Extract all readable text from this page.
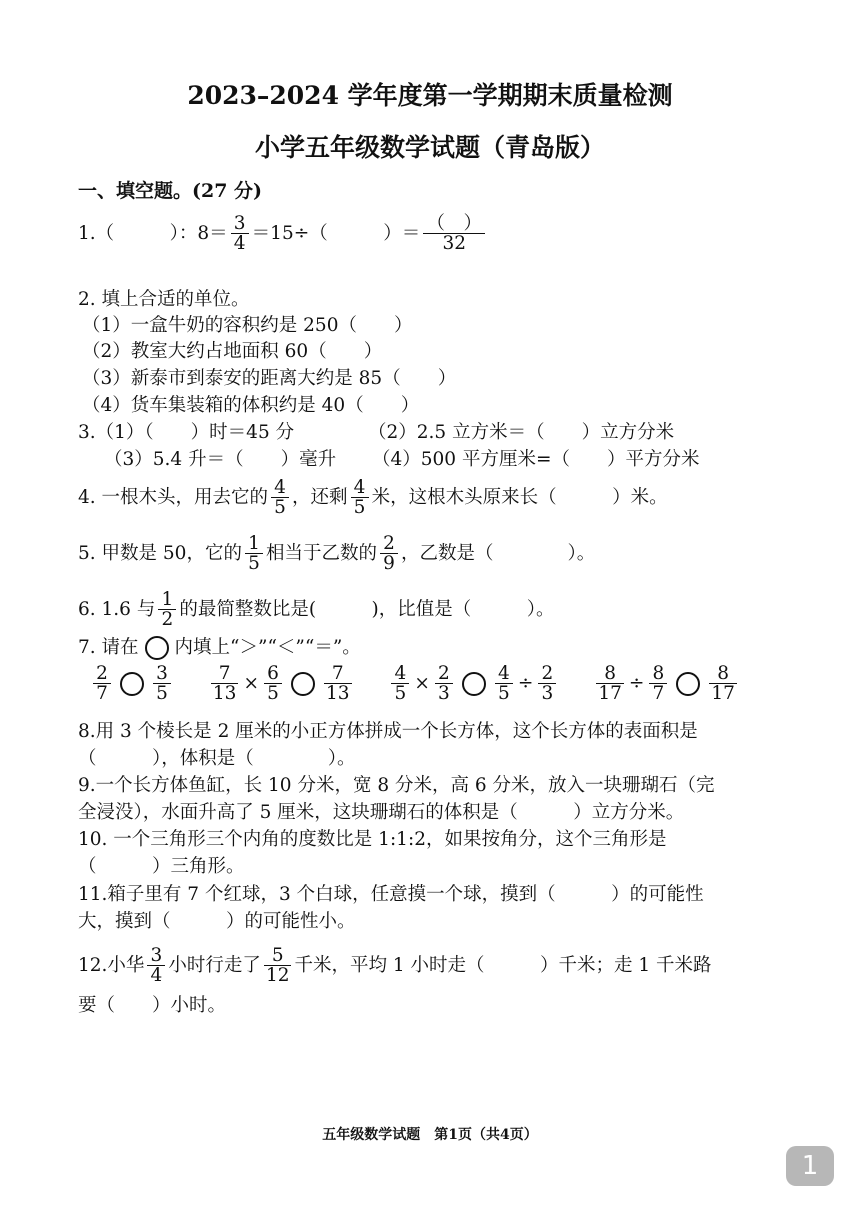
2023–2024 学年度第一学期期末质量检测
小学五年级数学试题（青岛版）
一、填空题。(27 分)
1.（　　　）：$8= \frac{3}{4} =15\div$（　　　）＝ $\frac{( )}{32}$
2. 填上合适的单位。
（1）一盒牛奶的容积约是 250（　　）
（2）教室大约占地面积 60（　　）
（3）新泰市到泰安的距离大约是 85（　　）
（4）货车集装箱的体积约是 40（　　）
3.（1）（　　）时＝45 分	（2）2.5 立方米＝（　　）立方分米
（3）5.4 升＝（　　）毫升 （4）500 平方厘米=（　　）平方分米
4. 一根木头，用去它的 $\frac{4}{5}$ ，还剩 $\frac{4}{5}$ 米，这根木头原来长（　　　）米。
5. 甲数是 50，它的 $\frac{1}{5}$ 相当于乙数的 $\frac{2}{9}$ ，乙数是（　　　　）。
6. 1.6 与 $\frac{1}{2}$ 的最简整数比是(　　　)，比值是（　　　）。
7. 请在 内填上“＞”“＜”“＝”。
$\frac{2}{7} \frac{3}{5}$
$\frac{7}{13} \times \frac{6}{5} \frac{7}{13}$
$\frac{4}{5} \times \frac{2}{3} \frac{4}{5} \div \frac{2}{3}$
$\frac{8}{17} \div \frac{8}{7} \frac{8}{17}$
8.用 3 个棱长是 2 厘米的小正方体拼成一个长方体，这个长方体的表面积是
（　　　），体积是（　　　　）。
9.一个长方体鱼缸，长 10 分米，宽 8 分米，高 6 分米，放入一块珊瑚石（完
全浸没），水面升高了 5 厘米，这块珊瑚石的体积是（　　　）立方分米。
10. 一个三角形三个内角的度数比是 1:1:2，如果按角分，这个三角形是
（　　　）三角形。
11.箱子里有 7 个红球，3 个白球，任意摸一个球，摸到（　　　）的可能性
大，摸到（　　　）的可能性小。
12.小华 $\frac{3}{4}$ 小时行走了 $\frac{5}{12}$ 千米，平均 1 小时走（　　　）千米；走 1 千米路
要（　　）小时。
五年级数学试题　第1页（共4页）
1
